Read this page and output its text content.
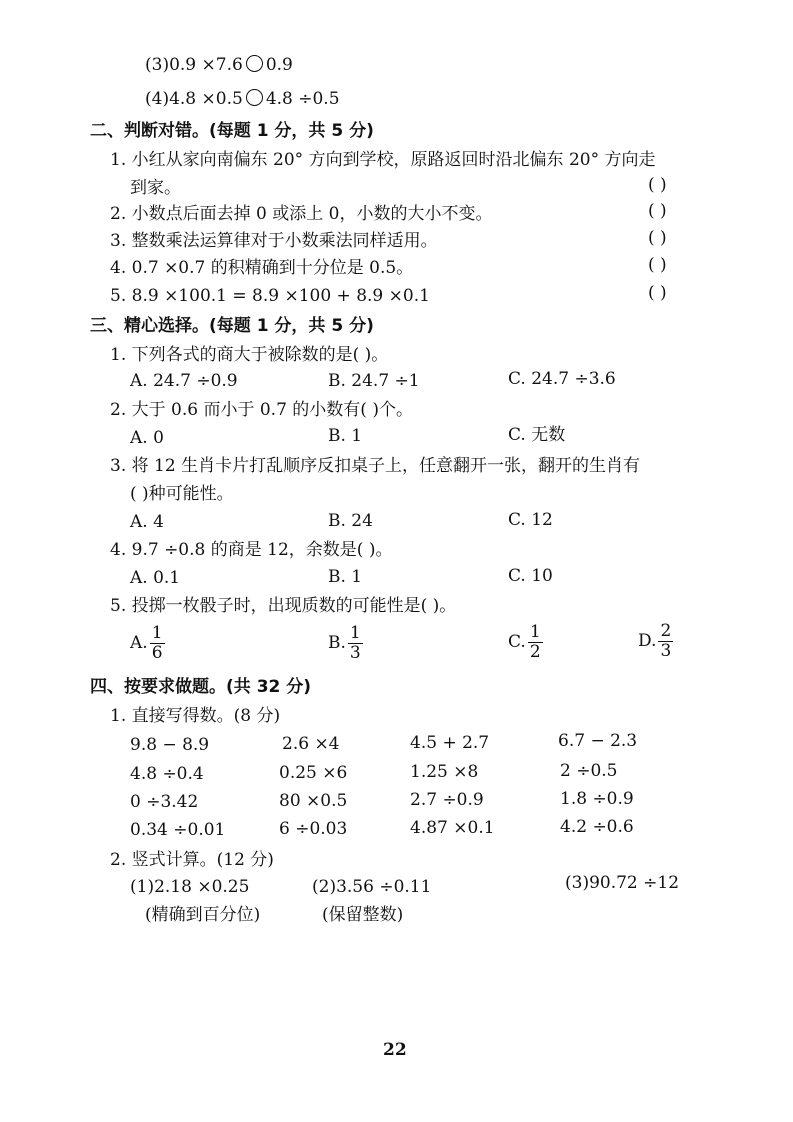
(3)0.9 ×7.6 0.9
(4)4.8 ×0.5 4.8 ÷0.5
二、判断对错。(每题 1 分，共 5 分)
1. 小红从家向南偏东 20° 方向到学校，原路返回时沿北偏东 20° 方向走
到家。	( )
2. 小数点后面去掉 0 或添上 0，小数的大小不变。	( )
3. 整数乘法运算律对于小数乘法同样适用。	( )
4. 0.7 ×0.7 的积精确到十分位是 0.5。	( )
5. 8.9 ×100.1 = 8.9 ×100 + 8.9 ×0.1	( )
三、精心选择。(每题 1 分，共 5 分)
1. 下列各式的商大于被除数的是( )。
A. 24.7 ÷0.9	B. 24.7 ÷1	C. 24.7 ÷3.6
2. 大于 0.6 而小于 0.7 的小数有( )个。
A. 0	B. 1	C. 无数
3. 将 12 生肖卡片打乱顺序反扣桌子上，任意翻开一张，翻开的生肖有
( )种可能性。
A. 4	B. 24	C. 12
4. 9.7 ÷0.8 的商是 12，余数是( )。
A. 0.1	B. 1	C. 10
5. 投掷一枚骰子时，出现质数的可能性是( )。
A. $\frac{1}{6}$	B. $\frac{1}{3}$	C. $\frac{1}{2}$	D. $\frac{2}{3}$
四、按要求做题。(共 32 分)
1. 直接写得数。(8 分)
9.8 − 8.9	2.6 ×4	4.5 + 2.7	6.7 − 2.3
4.8 ÷0.4	0.25 ×6	1.25 ×8	2 ÷0.5
0 ÷3.42	80 ×0.5	2.7 ÷0.9	1.8 ÷0.9
0.34 ÷0.01	6 ÷0.03	4.87 ×0.1	4.2 ÷0.6
2. 竖式计算。(12 分)
(1)2.18 ×0.25
(精确到百分位)
(2)3.56 ÷0.11
(保留整数)
(3)90.72 ÷12
22
